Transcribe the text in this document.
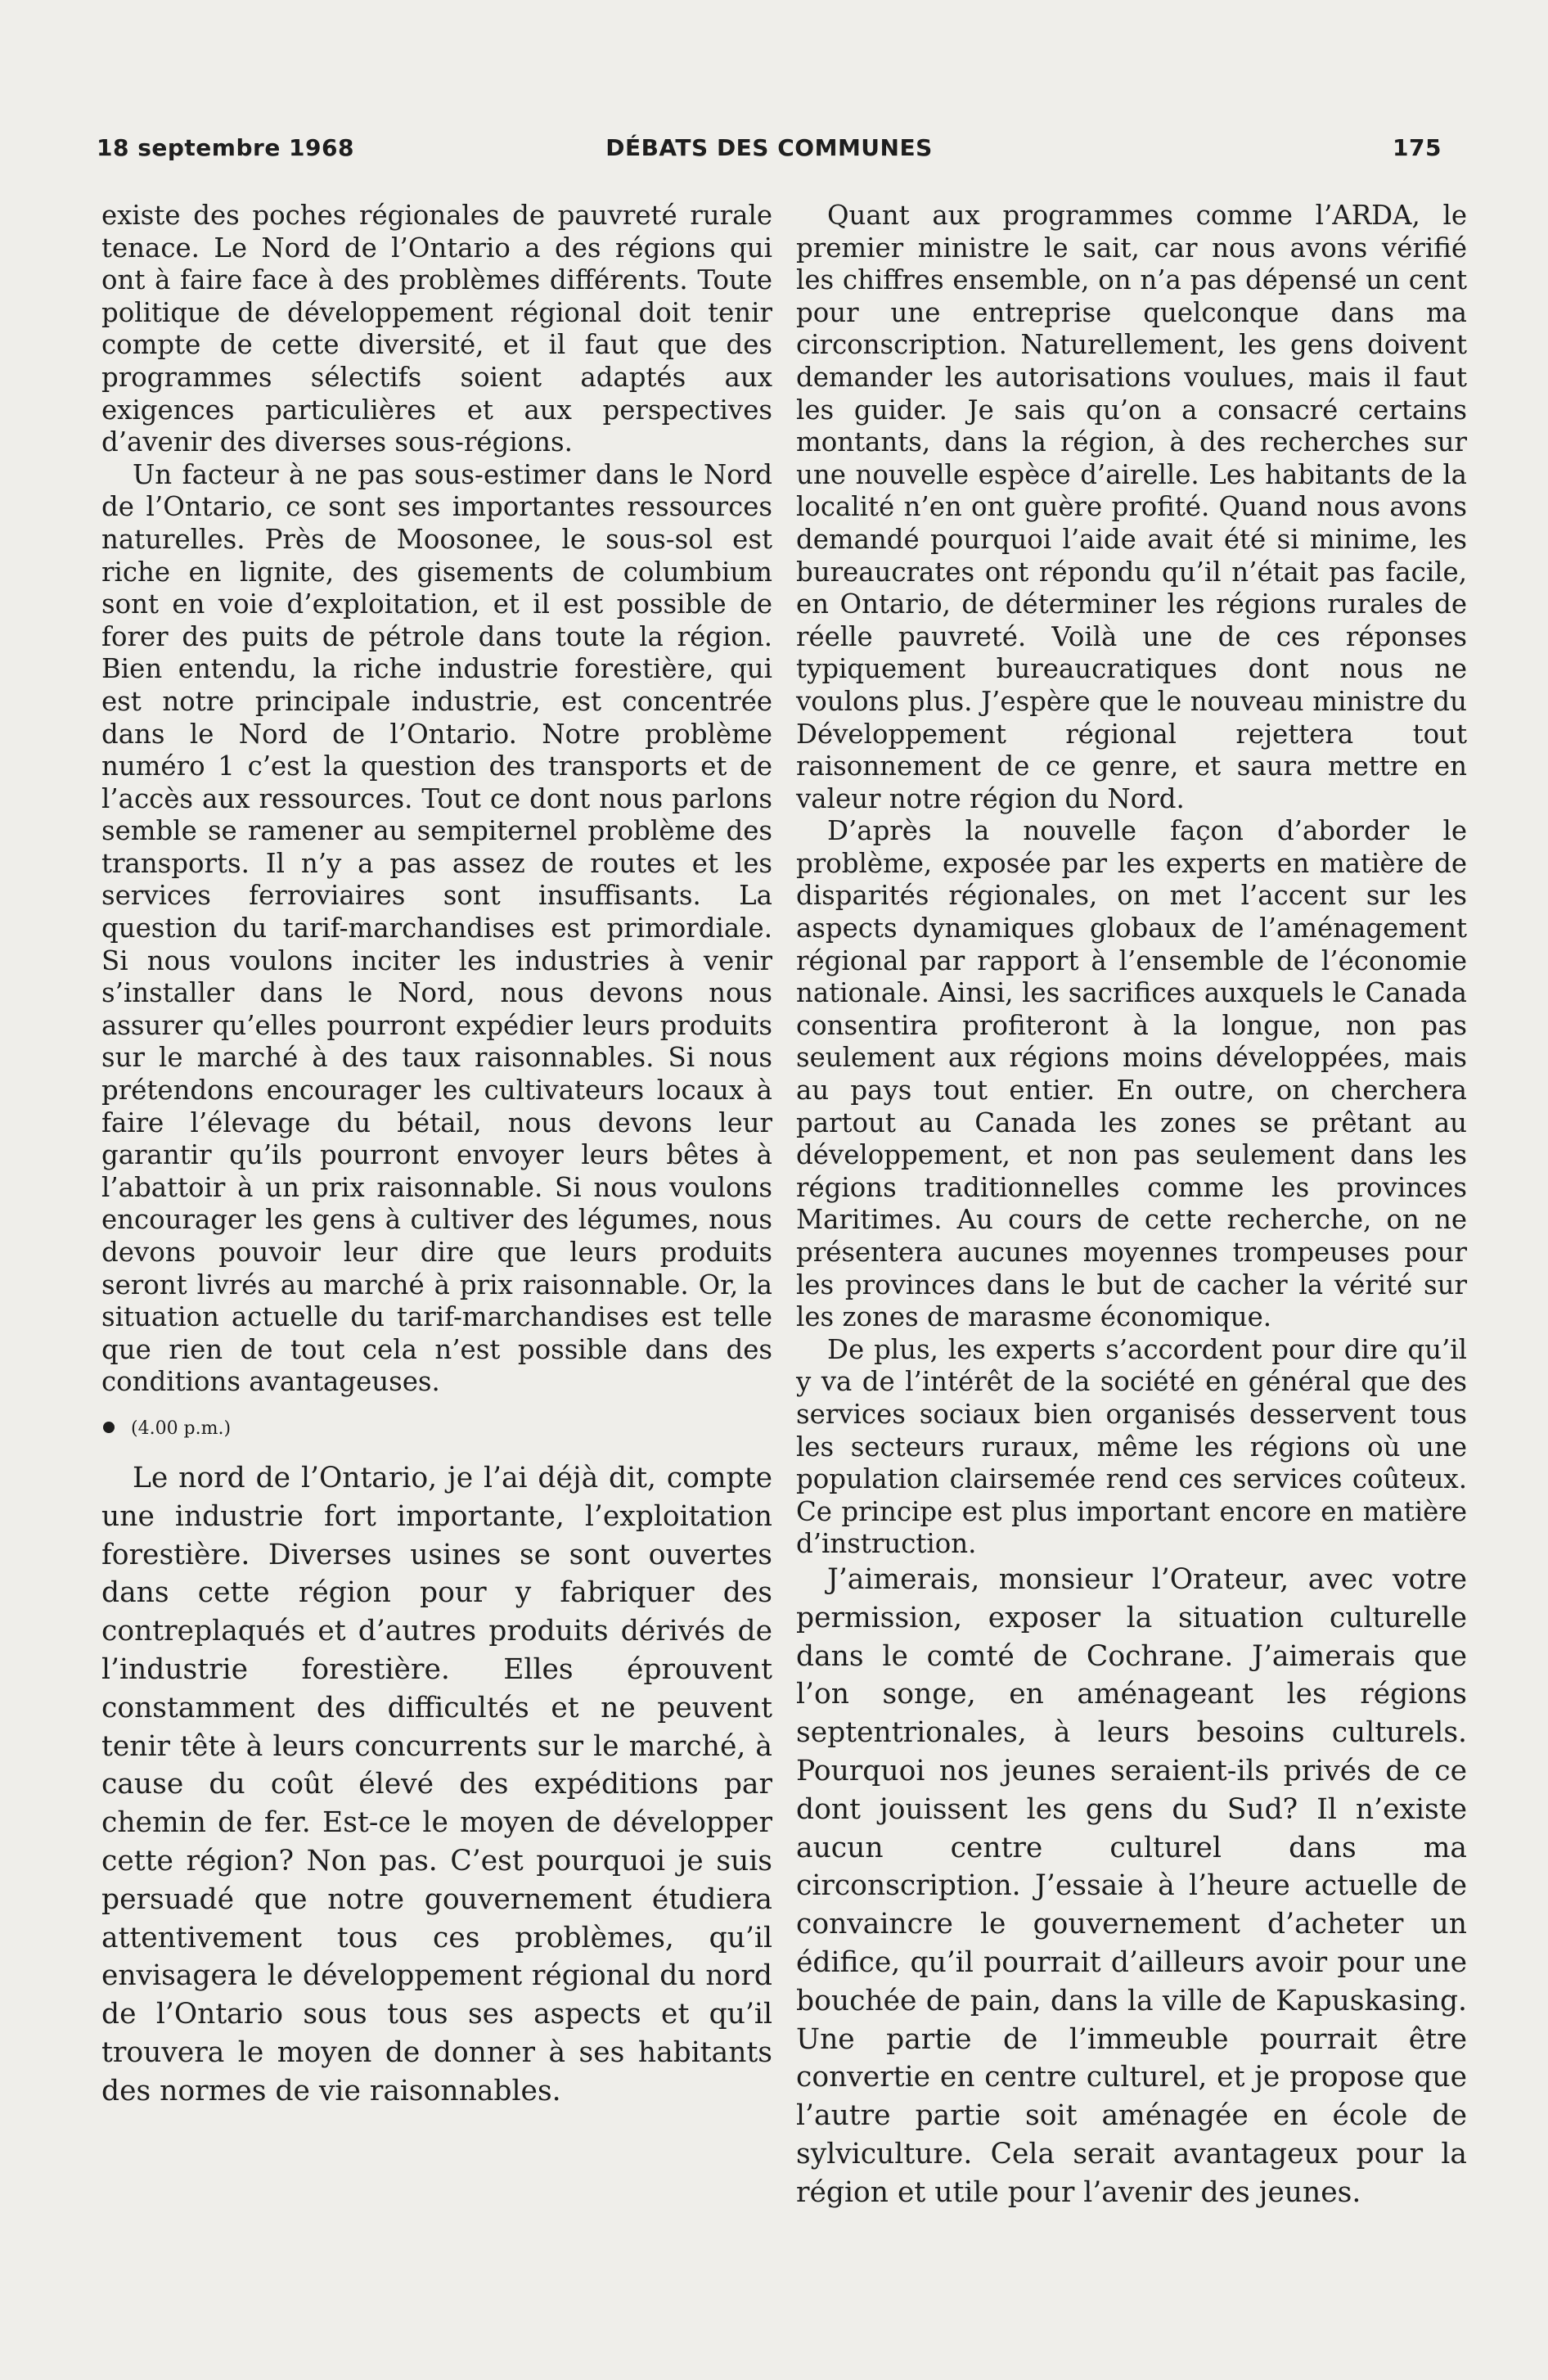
18 septembre 1968	DÉBATS DES COMMUNES	175

existe des poches régionales de pauvreté rurale tenace. Le Nord de l’Ontario a des régions qui ont à faire face à des problèmes différents. Toute politique de développement régional doit tenir compte de cette diversité, et il faut que des programmes sélectifs soient adaptés aux exigences particulières et aux perspectives d’avenir des diverses sous-régions.

Un facteur à ne pas sous-estimer dans le Nord de l’Ontario, ce sont ses importantes ressources naturelles. Près de Moosonee, le sous-sol est riche en lignite, des gisements de columbium sont en voie d’exploitation, et il est possible de forer des puits de pétrole dans toute la région. Bien entendu, la riche industrie forestière, qui est notre principale industrie, est concentrée dans le Nord de l’Ontario. Notre problème numéro 1 c’est la question des transports et de l’accès aux ressources. Tout ce dont nous parlons semble se ramener au sempiternel problème des transports. Il n’y a pas assez de routes et les services ferroviaires sont insuffisants. La question du tarif-marchandises est primordiale. Si nous voulons inciter les industries à venir s’installer dans le Nord, nous devons nous assurer qu’elles pourront expédier leurs produits sur le marché à des taux raisonnables. Si nous prétendons encourager les cultivateurs locaux à faire l’élevage du bétail, nous devons leur garantir qu’ils pourront envoyer leurs bêtes à l’abattoir à un prix raisonnable. Si nous voulons encourager les gens à cultiver des légumes, nous devons pouvoir leur dire que leurs produits seront livrés au marché à prix raisonnable. Or, la situation actuelle du tarif-marchandises est telle que rien de tout cela n’est possible dans des conditions avantageuses.

(4.00 p.m.)

Le nord de l’Ontario, je l’ai déjà dit, compte une industrie fort importante, l’exploitation forestière. Diverses usines se sont ouvertes dans cette région pour y fabriquer des contreplaqués et d’autres produits dérivés de l’industrie forestière. Elles éprouvent constamment des difficultés et ne peuvent tenir tête à leurs concurrents sur le marché, à cause du coût élevé des expéditions par chemin de fer. Est-ce le moyen de développer cette région? Non pas. C’est pourquoi je suis persuadé que notre gouvernement étudiera attentivement tous ces problèmes, qu’il envisagera le développement régional du nord de l’Ontario sous tous ses aspects et qu’il trouvera le moyen de donner à ses habitants des normes de vie raisonnables.

Quant aux programmes comme l’ARDA, le premier ministre le sait, car nous avons vérifié les chiffres ensemble, on n’a pas dépensé un cent pour une entreprise quelconque dans ma circonscription. Naturellement, les gens doivent demander les autorisations voulues, mais il faut les guider. Je sais qu’on a consacré certains montants, dans la région, à des recherches sur une nouvelle espèce d’airelle. Les habitants de la localité n’en ont guère profité. Quand nous avons demandé pourquoi l’aide avait été si minime, les bureaucrates ont répondu qu’il n’était pas facile, en Ontario, de déterminer les régions rurales de réelle pauvreté. Voilà une de ces réponses typiquement bureaucratiques dont nous ne voulons plus. J’espère que le nouveau ministre du Développement régional rejettera tout raisonnement de ce genre, et saura mettre en valeur notre région du Nord.

D’après la nouvelle façon d’aborder le problème, exposée par les experts en matière de disparités régionales, on met l’accent sur les aspects dynamiques globaux de l’aménagement régional par rapport à l’ensemble de l’économie nationale. Ainsi, les sacrifices auxquels le Canada consentira profiteront à la longue, non pas seulement aux régions moins développées, mais au pays tout entier. En outre, on cherchera partout au Canada les zones se prêtant au développement, et non pas seulement dans les régions traditionnelles comme les provinces Maritimes. Au cours de cette recherche, on ne présentera aucunes moyennes trompeuses pour les provinces dans le but de cacher la vérité sur les zones de marasme économique.

De plus, les experts s’accordent pour dire qu’il y va de l’intérêt de la société en général que des services sociaux bien organisés desservent tous les secteurs ruraux, même les régions où une population clairsemée rend ces services coûteux. Ce principe est plus important encore en matière d’instruction.

J’aimerais, monsieur l’Orateur, avec votre permission, exposer la situation culturelle dans le comté de Cochrane. J’aimerais que l’on songe, en aménageant les régions septentrionales, à leurs besoins culturels. Pourquoi nos jeunes seraient-ils privés de ce dont jouissent les gens du Sud? Il n’existe aucun centre culturel dans ma circonscription. J’essaie à l’heure actuelle de convaincre le gouvernement d’acheter un édifice, qu’il pourrait d’ailleurs avoir pour une bouchée de pain, dans la ville de Kapuskasing. Une partie de l’immeuble pourrait être convertie en centre culturel, et je propose que l’autre partie soit aménagée en école de sylviculture. Cela serait avantageux pour la région et utile pour l’avenir des jeunes.
